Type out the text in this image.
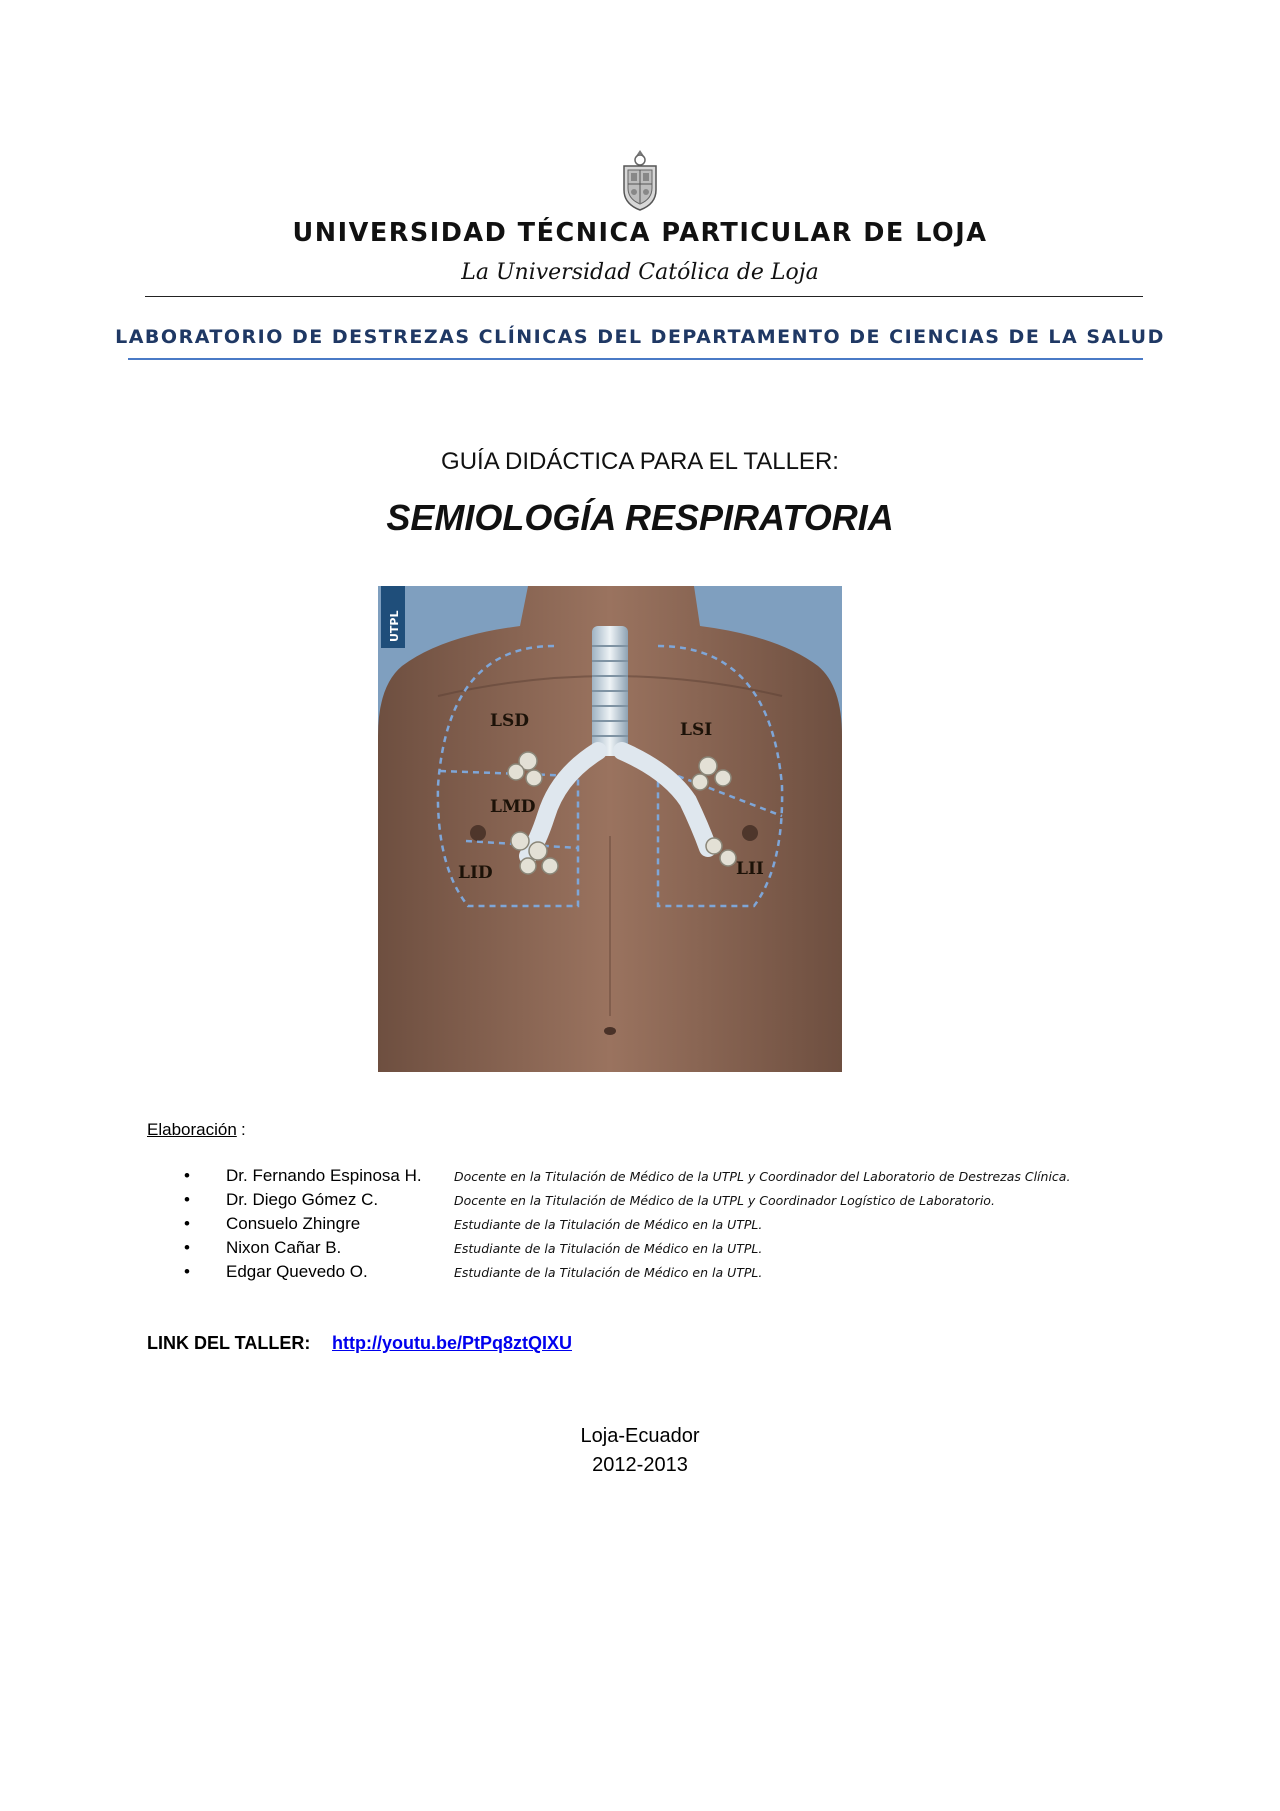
UNIVERSIDAD TÉCNICA PARTICULAR DE LOJA
La Universidad Católica de Loja
LABORATORIO DE DESTREZAS CLÍNICAS DEL DEPARTAMENTO DE CIENCIAS DE LA SALUD
GUÍA DIDÁCTICA PARA EL TALLER:
SEMIOLOGÍA RESPIRATORIA
LSD	LSI
LMD
LID	LII
UTPL
Elaboración :
• Dr. Fernando Espinosa H.	Docente en la Titulación de Médico de la UTPL y Coordinador del Laboratorio de Destrezas Clínica.
• Dr. Diego Gómez C.	Docente en la Titulación de Médico de la UTPL y Coordinador Logístico de Laboratorio.
• Consuelo Zhingre	Estudiante de la Titulación de Médico en la UTPL.
• Nixon Cañar B.	Estudiante de la Titulación de Médico en la UTPL.
• Edgar Quevedo O.	Estudiante de la Titulación de Médico en la UTPL.
LINK DEL TALLER: http://youtu.be/PtPq8ztQIXU
Loja-Ecuador
2012-2013
